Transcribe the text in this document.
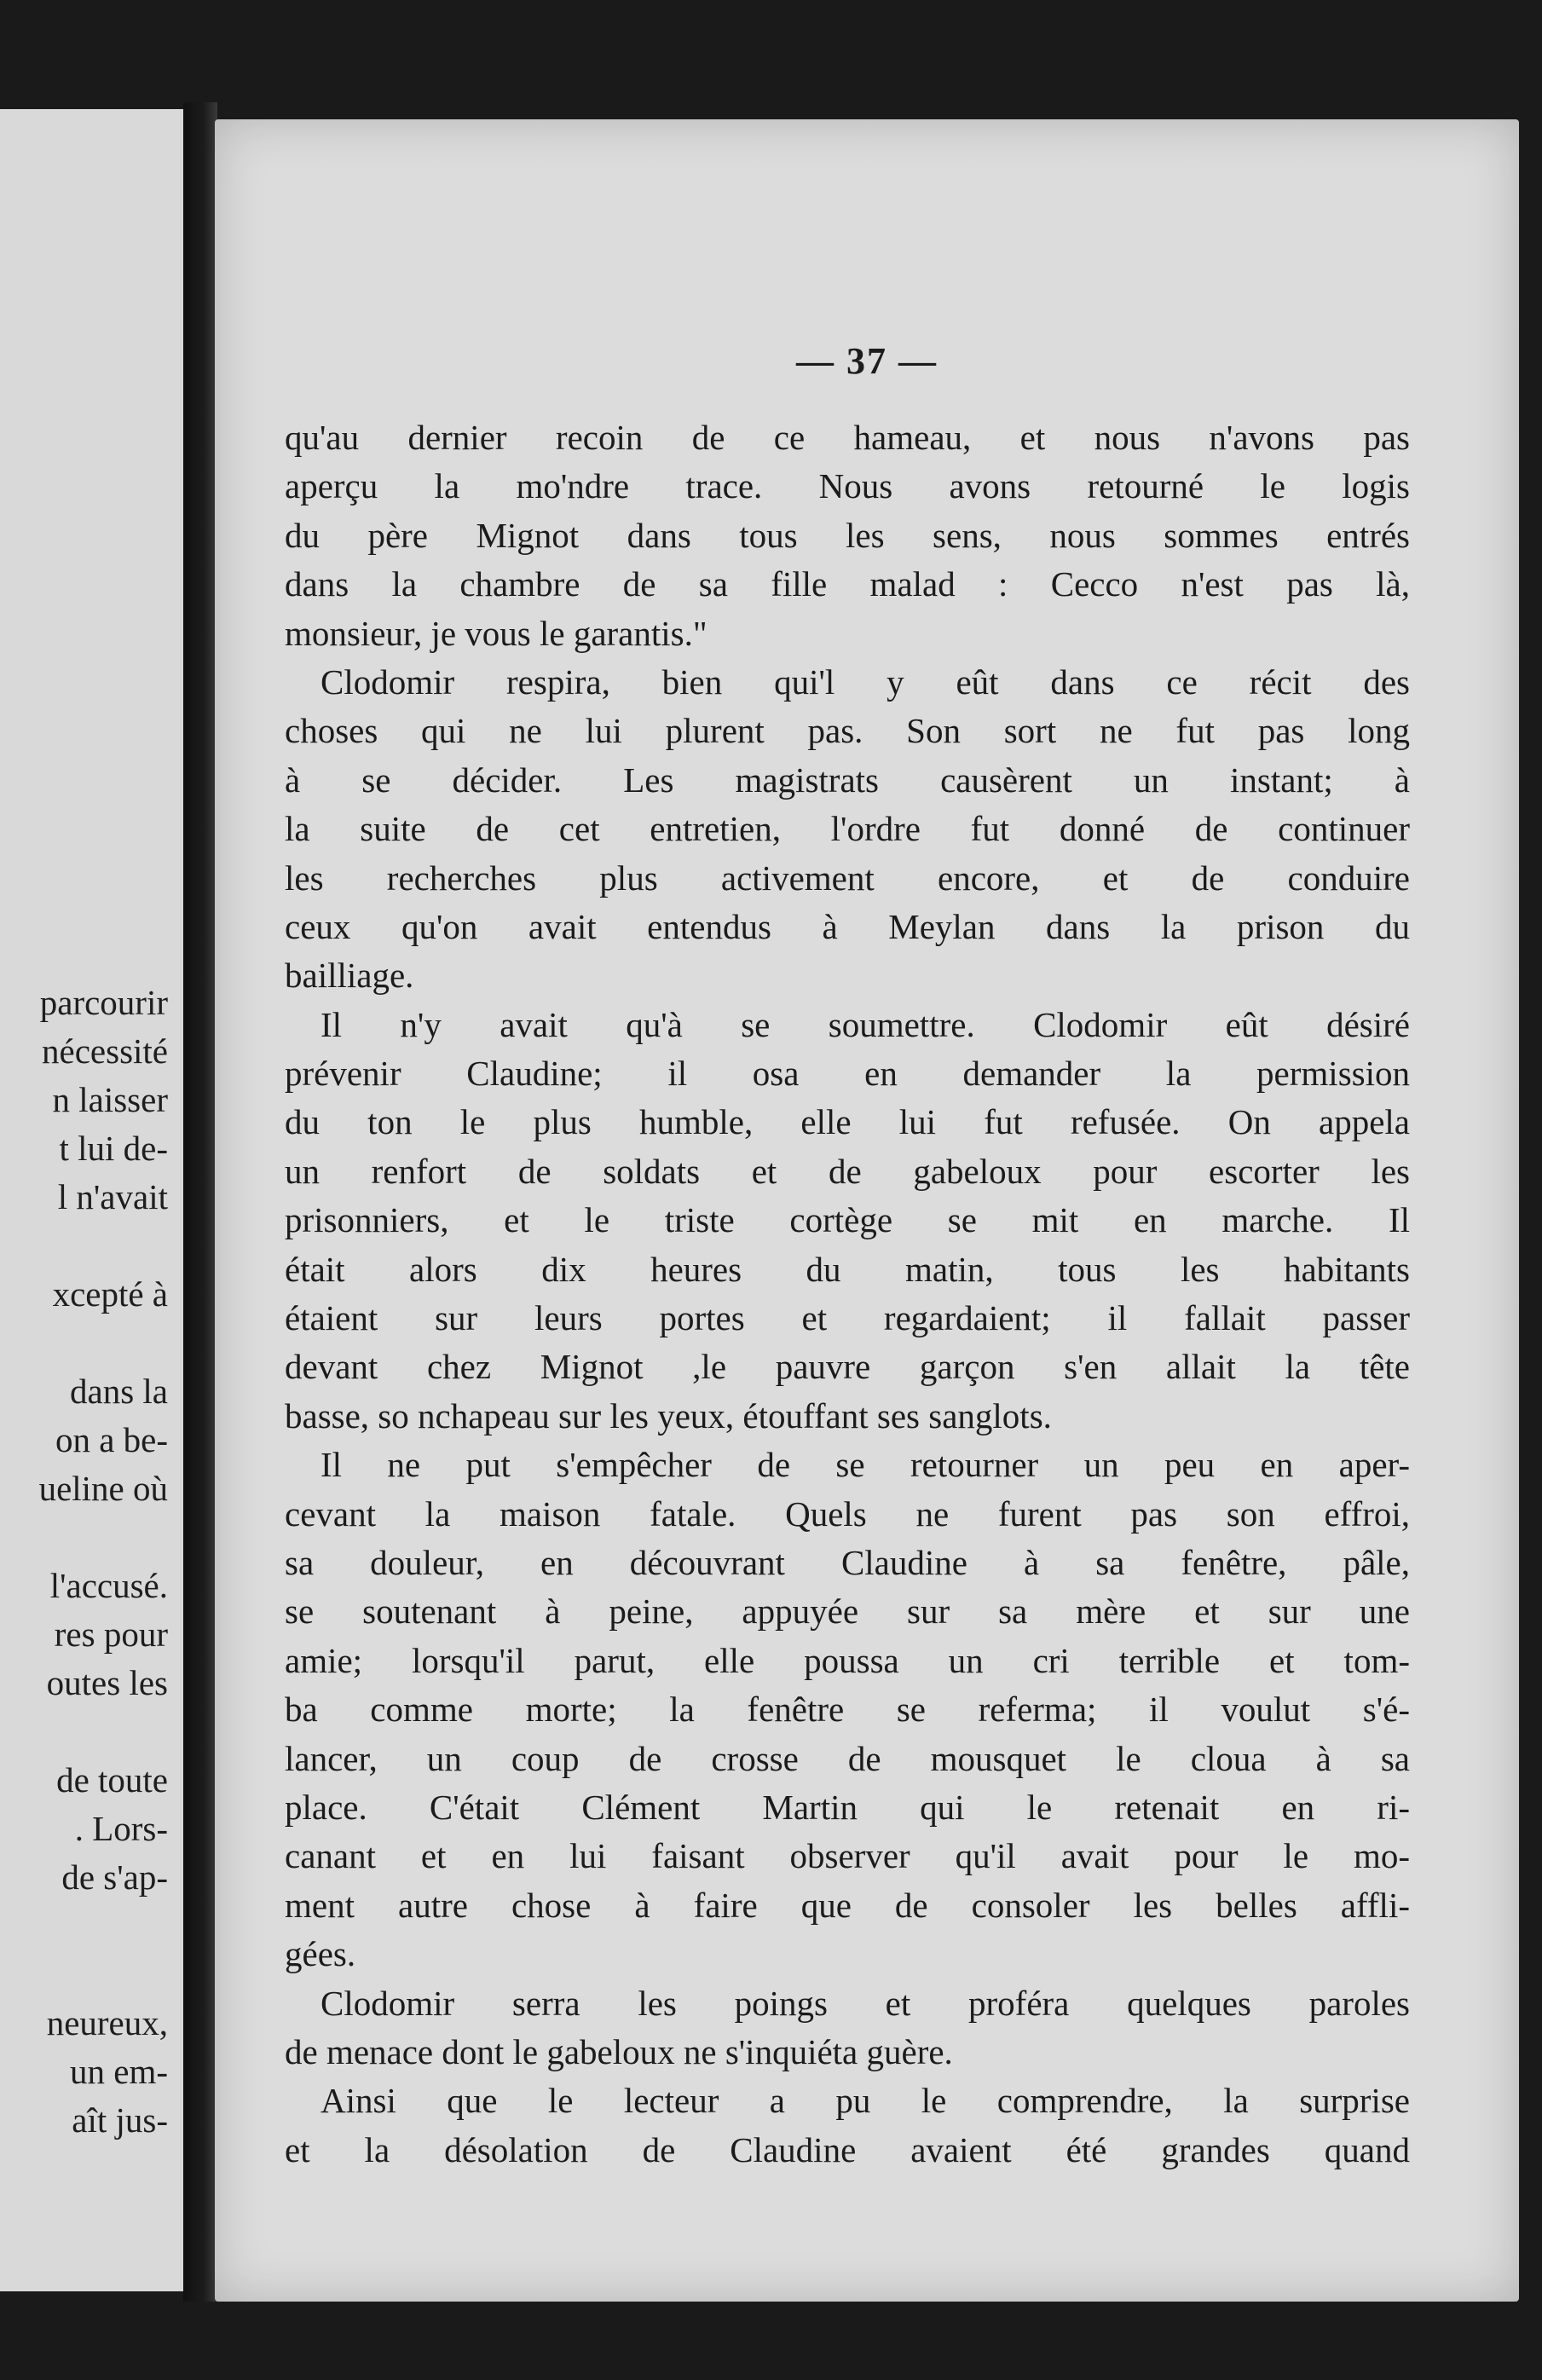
parcourir
nécessité
n laisser
t lui de-
l n'avait
xcepté à
dans la
on a be-
ueline où
l'accusé.
res pour
outes les
de toute
. Lors-
de s'ap-
neureux,
un em-
aît jus-
— 37 —
qu'au dernier recoin de ce hameau, et nous n'avons pas
aperçu la mo'ndre trace. Nous avons retourné le logis
du père Mignot dans tous les sens, nous sommes entrés
dans la chambre de sa fille malad : Cecco n'est pas là,
monsieur, je vous le garantis."
Clodomir respira, bien qui'l y eût dans ce récit des
choses qui ne lui plurent pas. Son sort ne fut pas long
à se décider. Les magistrats causèrent un instant; à
la suite de cet entretien, l'ordre fut donné de continuer
les recherches plus activement encore, et de conduire
ceux qu'on avait entendus à Meylan dans la prison du
bailliage.
Il n'y avait qu'à se soumettre. Clodomir eût désiré
prévenir Claudine; il osa en demander la permission
du ton le plus humble, elle lui fut refusée. On appela
un renfort de soldats et de gabeloux pour escorter les
prisonniers, et le triste cortège se mit en marche. Il
était alors dix heures du matin, tous les habitants
étaient sur leurs portes et regardaient; il fallait passer
devant chez Mignot ,le pauvre garçon s'en allait la tête
basse, so nchapeau sur les yeux, étouffant ses sanglots.
Il ne put s'empêcher de se retourner un peu en aper-
cevant la maison fatale. Quels ne furent pas son effroi,
sa douleur, en découvrant Claudine à sa fenêtre, pâle,
se soutenant à peine, appuyée sur sa mère et sur une
amie; lorsqu'il parut, elle poussa un cri terrible et tom-
ba comme morte; la fenêtre se referma; il voulut s'é-
lancer, un coup de crosse de mousquet le cloua à sa
place. C'était Clément Martin qui le retenait en ri-
canant et en lui faisant observer qu'il avait pour le mo-
ment autre chose à faire que de consoler les belles affli-
gées.
Clodomir serra les poings et proféra quelques paroles
de menace dont le gabeloux ne s'inquiéta guère.
Ainsi que le lecteur a pu le comprendre, la surprise
et la désolation de Claudine avaient été grandes quand
